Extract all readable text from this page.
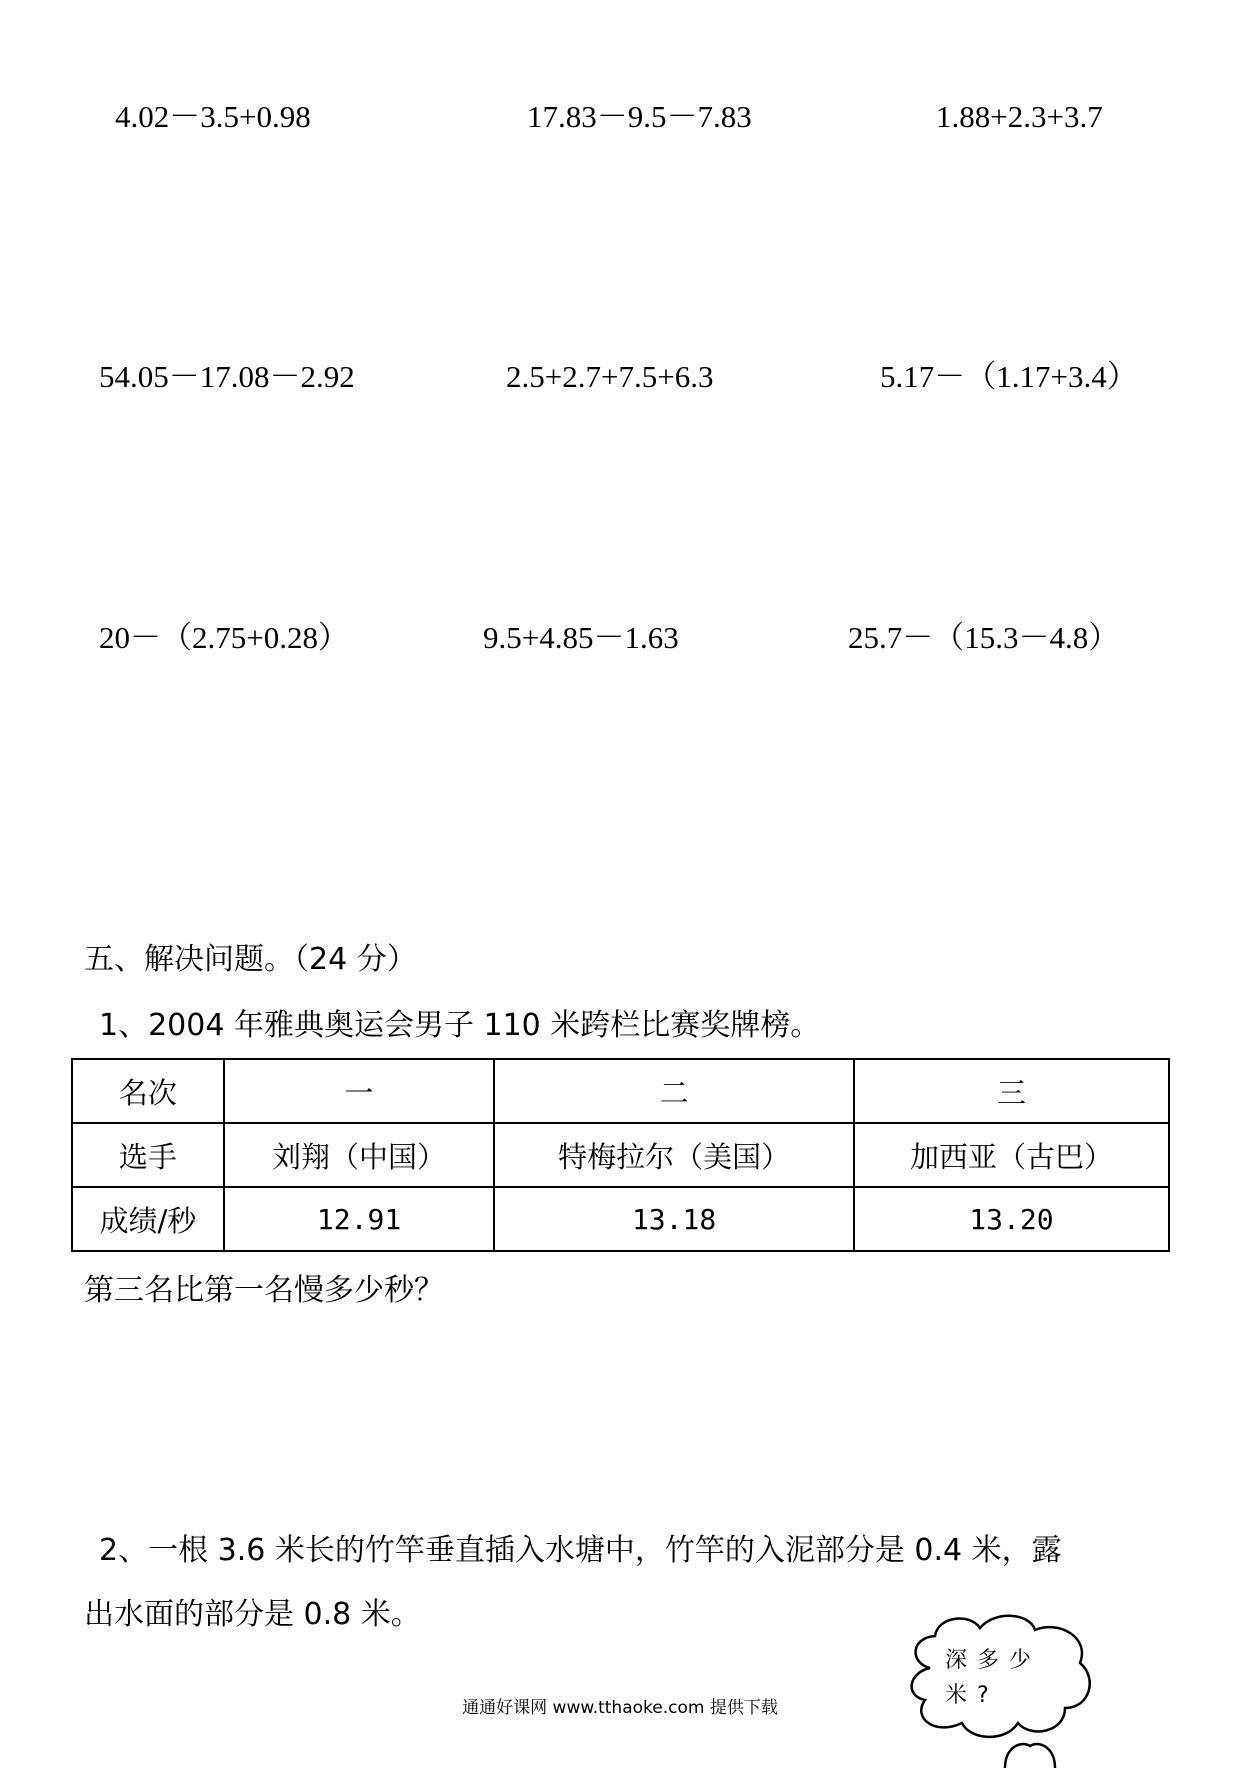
4.02－3.5+0.98	17.83－9.5－7.83	1.88+2.3+3.7
54.05－17.08－2.92	2.5+2.7+7.5+6.3	5.17－（1.17+3.4）
20－（2.75+0.28）	9.5+4.85－1.63	25.7－（15.3－4.8）
五、解决问题。（24 分）
1、2004 年雅典奥运会男子 110 米跨栏比赛奖牌榜。
名次	一	二	三
选手	刘翔（中国）	特梅拉尔（美国）	加西亚（古巴）
成绩/秒	12.91	13.18	13.20
第三名比第一名慢多少秒？
2、一根 3.6 米长的竹竿垂直插入水塘中，竹竿的入泥部分是 0.4 米，露
出水面的部分是 0.8 米。
深多少
米?
通通好课网 www.tthaoke.com 提供下载
